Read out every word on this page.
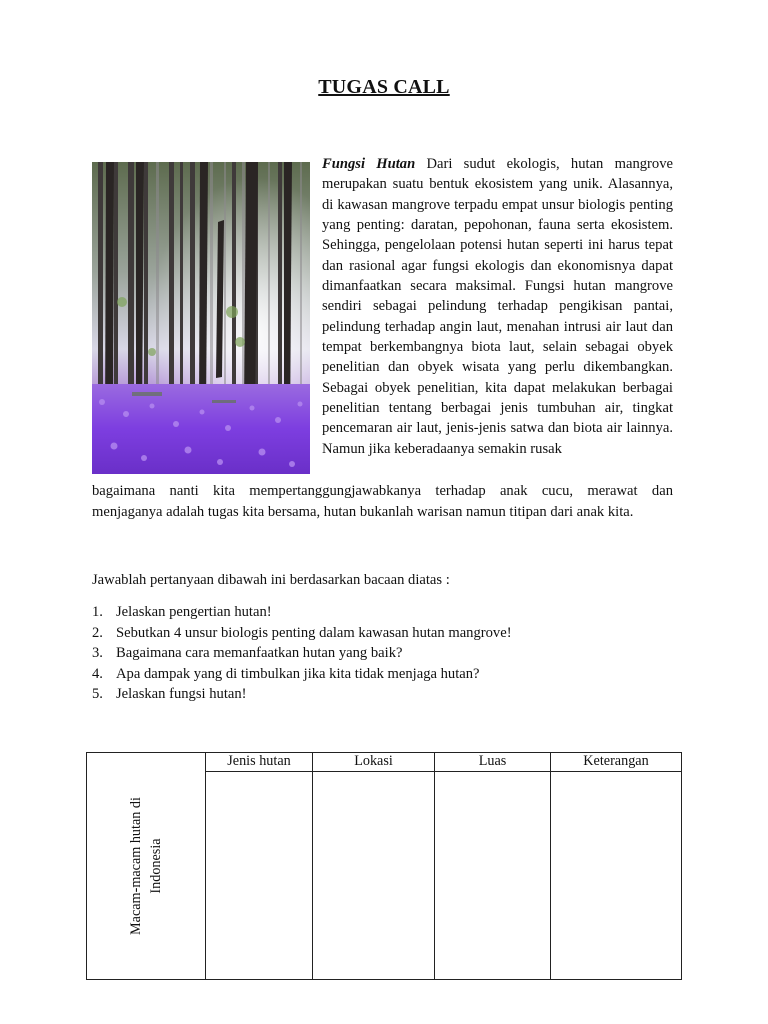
TUGAS CALL
Fungsi Hutan Dari sudut ekologis, hutan mangrove merupakan suatu bentuk ekosistem yang unik. Alasannya, di kawasan mangrove terpadu empat unsur biologis penting yang penting: daratan, pepohonan, fauna serta ekosistem. Sehingga, pengelolaan potensi hutan seperti ini harus tepat dan rasional agar fungsi ekologis dan ekonomisnya dapat dimanfaatkan secara maksimal. Fungsi hutan mangrove sendiri sebagai pelindung terhadap pengikisan pantai, pelindung terhadap angin laut, menahan intrusi air laut dan tempat berkembangnya biota laut, selain sebagai obyek penelitian dan obyek wisata yang perlu dikembangkan. Sebagai obyek penelitian, kita dapat melakukan berbagai penelitian tentang berbagai jenis tumbuhan air, tingkat pencemaran air laut, jenis-jenis satwa dan biota air lainnya. Namun jika keberadaanya semakin rusak
bagaimana nanti kita mempertanggungjawabkanya terhadap anak cucu, merawat dan
menjaganya adalah tugas kita bersama, hutan bukanlah warisan namun titipan dari anak kita.
Jawablah pertanyaan dibawah ini berdasarkan bacaan diatas :
1. Jelaskan pengertian hutan!
2. Sebutkan 4 unsur biologis penting dalam kawasan hutan mangrove!
3. Bagaimana cara memanfaatkan hutan yang baik?
4. Apa dampak yang di timbulkan jika kita tidak menjaga hutan?
5. Jelaskan fungsi hutan!
Macam-macam hutan di Indonesia	Jenis hutan	Lokasi	Luas	Keterangan
